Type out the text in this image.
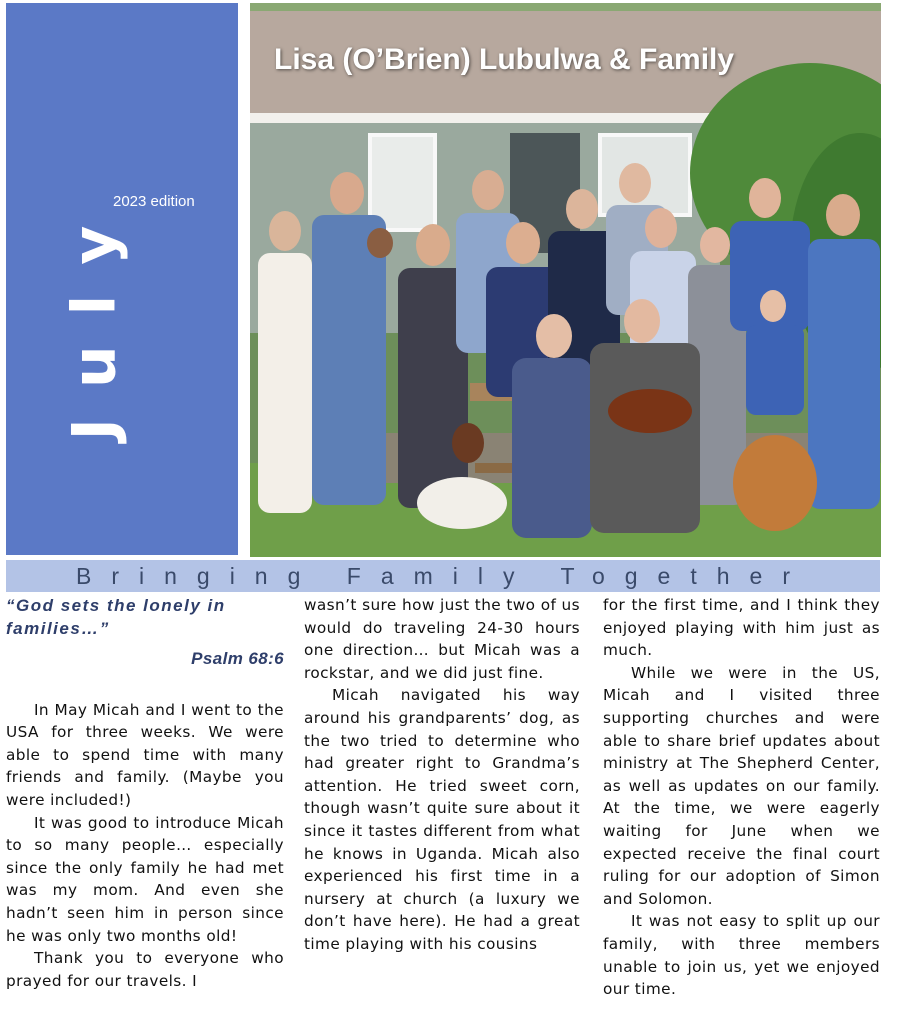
July
2023 edition
Lisa (O’Brien) Lubulwa & Family
Bringing Family Together
“God sets the lonely in families…”
Psalm 68:6

In May Micah and I went to the USA for three weeks. We were able to spend time with many friends and family. (Maybe you were included!)

It was good to introduce Micah to so many people… especially since the only family he had met was my mom. And even she hadn’t seen him in person since he was only two months old!

Thank you to everyone who prayed for our travels. I

wasn’t sure how just the two of us would do traveling 24-30 hours one direction… but Micah was a rockstar, and we did just fine.

Micah navigated his way around his grandparents’ dog, as the two tried to determine who had greater right to Grandma’s attention. He tried sweet corn, though wasn’t quite sure about it since it tastes different from what he knows in Uganda. Micah also experienced his first time in a nursery at church (a luxury we don’t have here). He had a great time playing with his cousins

for the first time, and I think they enjoyed playing with him just as much.

While we were in the US, Micah and I visited three supporting churches and were able to share brief updates about ministry at The Shepherd Center, as well as updates on our family. At the time, we were eagerly waiting for June when we expected receive the final court ruling for our adoption of Simon and Solomon.

It was not easy to split up our family, with three members unable to join us, yet we enjoyed our time.
